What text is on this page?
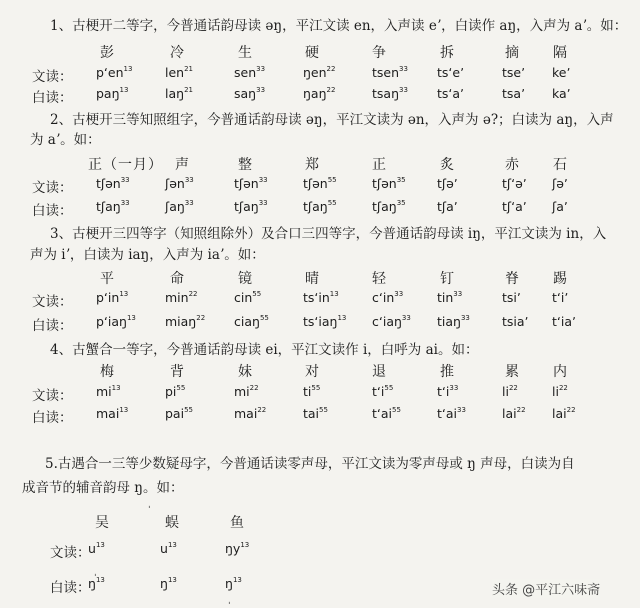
1、古梗开二等字，今普通话韵母读 əŋ，平江文读 en，入声读 eʼ，白读作 aŋ，入声为 aʼ。如：
彭	冷	生	硬	争	拆	摘 隔
文读： pʻen$^{13}$	len$^{21}$	sen$^{33}$	ŋen$^{22}$	tsen$^{33}$ tsʻeʼ	tseʼ keʼ
白读： paŋ$^{13}$	laŋ$^{21}$	saŋ$^{33}$	ŋaŋ$^{22}$	tsaŋ$^{33}$ tsʻaʼ	tsaʼ kaʼ
2、古梗开三等知照组字，今普通话韵母读 əŋ，平江文读为 ən，入声为 ə?；白读为 aŋ，入声
为 aʼ。如：
正（一月） 声	整	郑	正	炙	赤 石
文读： tʃən$^{33}$	ʃən$^{33}$	tʃən$^{33}$	tʃən$^{55}$	tʃən$^{35}$	tʃəʼ	tʃʻəʼ ʃəʼ
白读： tʃaŋ$^{33}$	ʃaŋ$^{33}$	tʃaŋ$^{33}$	tʃaŋ$^{55}$	tʃaŋ$^{35}$	tʃaʼ	tʃʻaʼ ʃaʼ
3、古梗开三四等字（知照组除外）及合口三四等字，今普通话韵母读 iŋ，平江文读为 in，入
声为 iʼ，白读为 iaŋ，入声为 iaʼ。如：
平	命	镜	晴	轻	钉	脊 踢
文读： pʻin$^{13}$	$\min^{22}$	cin$^{55}$	tsʻin$^{13}$	cʻin$^{33}$	tin$^{33}$	tsiʼ tʻiʼ
白读： pʻiaŋ$^{13}$ miaŋ$^{22}$ ciaŋ$^{55}$	tsʻiaŋ$^{13}$ cʻiaŋ$^{33}$ tiaŋ$^{33}$	tsiaʼ tʻiaʼ
4、古蟹合一等字，今普通话韵母读 ei，平江文读作 i，白呼为 ai。如：
梅	背	妹	对	退	推	累 内
文读： $mi^{13}$	$pi^{55}$	$mi^{22}$	$ti^{55}$	tʻi$^{55}$	tʻi$^{33}$	$li^{22}$	$li^{22}$
白读： mai$^{13}$	pai$^{55}$	mai$^{22}$	tai$^{55}$	tʻai$^{55}$	tʻai$^{33}$	lai$^{22}$ lai$^{22}$
5.古遇合一三等少数疑母字，今普通话读零声母，平江文读为零声母或 ŋ 声母，白读为自
成音节的辅音韵母 ŋ。如：
吴	蜈	鱼
文读：
$u^{13}$	$u^{13}$	$ŋy^{13}$
白读：
$ŋ^{13}$	$ŋ^{13}$	$ŋ^{13}$
ˌ
ˌ
ˌ
头条 @平江六味斋
